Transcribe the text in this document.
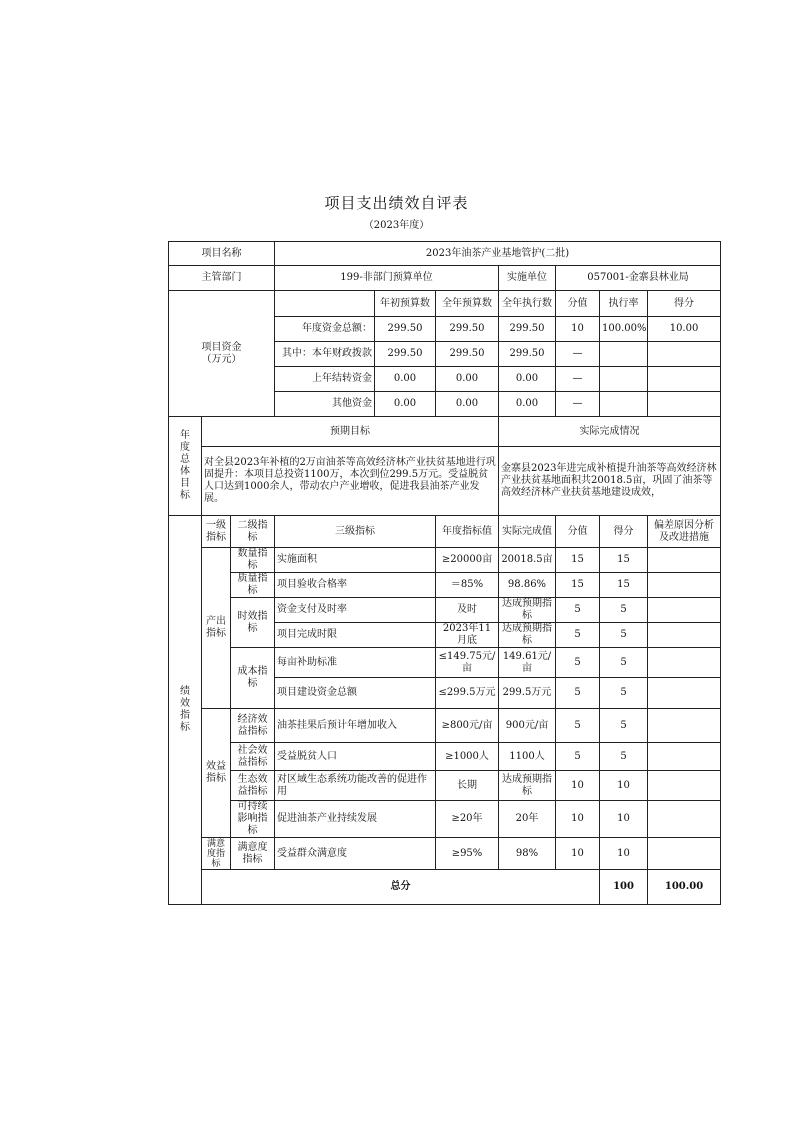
项目支出绩效自评表
（2023年度）
项目名称			2023年油茶产业基地管护(二批)							
主管部门			199-非部门预算单位			实施单位	057001-金寨县林业局			
项目资金
（万元）				年初预算数	全年预算数	全年执行数	分值	执行率	得分	
			年度资金总额：	299.50	299.50	299.50	10	100.00%	10.00	
			其中：本年财政拨款	299.50	299.50	299.50	—			
			上年结转资金	0.00	0.00	0.00	—			
			其他资金	0.00	0.00	0.00	—			
年度总体目标	预期目标					实际完成情况				
	对全县2023年补植的2万亩油茶等高效经济林产业扶贫基地进行巩固提升：本项目总投资1100万，本次到位299.5万元。受益脱贫人口达到1000余人，带动农户产业增收，促进我县油茶产业发展。					金寨县2023年进完成补植提升油茶等高效经济林产业扶贫基地面积共20018.5亩，巩固了油茶等高效经济林产业扶贫基地建设成效，				
绩效指标	一级指标	二级指标	三级指标		年度指标值	实际完成值	分值	得分	偏差原因分析及改进措施	
	产出指标	数量指标	实施面积		≥20000亩	20018.5亩	15	15		
		质量指标	项目验收合格率		＝85%	98.86%	15	15		
		时效指标	资金支付及时率		及时	达成预期指标	5	5		
			项目完成时限		2023年11月底	达成预期指标	5	5		
		成本指标	每亩补助标准		≤149.75元/亩	149.61元/亩	5	5		
			项目建设资金总额		≤299.5万元	299.5万元	5	5		
	效益指标	经济效益指标	油茶挂果后预计年增加收入		≥800元/亩	900元/亩	5	5		
		社会效益指标	受益脱贫人口		≥1000人	1100人	5	5		
		生态效益指标	对区域生态系统功能改善的促进作用		长期	达成预期指标	10	10		
		可持续影响指标	促进油茶产业持续发展		≥20年	20年	10	10		
	满意度指标	满意度指标	受益群众满意度		≥95%	98%	10	10		
	总分							100	100.00	
